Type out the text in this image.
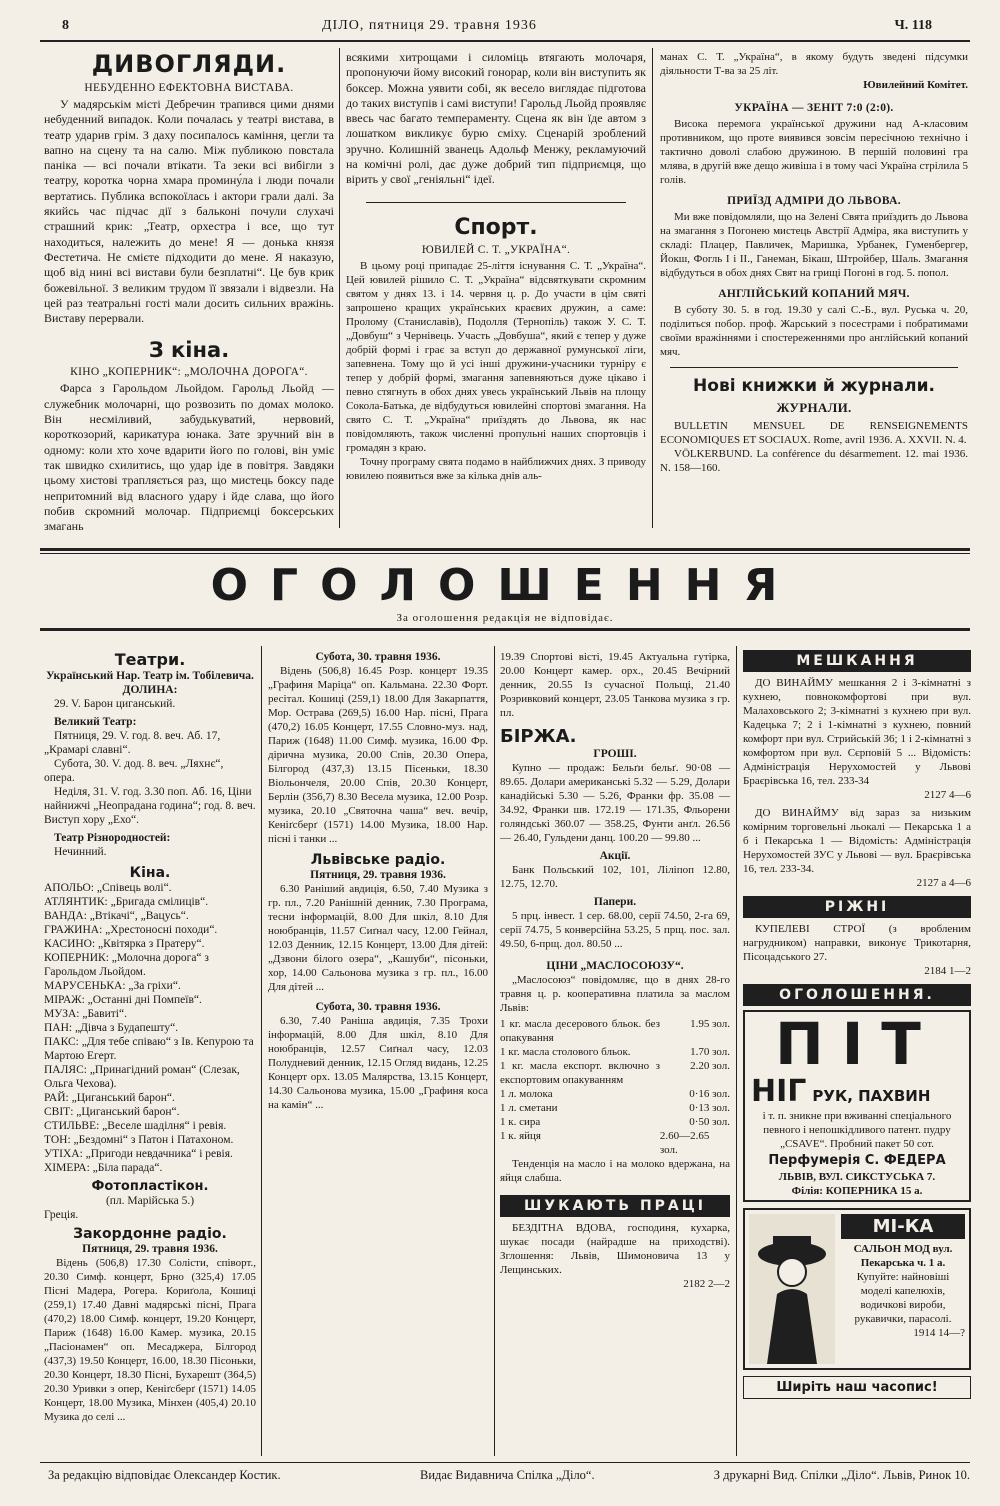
8	ДІЛО, пятниця 29. травня 1936	Ч. 118

ДИВОГЛЯДИ.

НЕБУДЕННО ЕФЕКТОВНА ВИСТАВА.

У мадярськім місті Дебречин трапився цими днями небуденний випадок. Коли почалась у театрі вистава, в театр ударив грім. З даху посипалось каміння, цегли та вапно на сцену та на салю. Між публикою повстала паніка — всі почали втікати. Та зеки всі вибігли з театру, коротка чорна хмара промину́ла і люди почали вертатись. Публика вспокоїлась і актори грали далі. За якийсь час підчас дії з бальконі почули слухачі страшний крик: „Театр, орхестра і все, що тут находиться, належить до мене! Я — донька князя Фестетича. Не смієте підходити до мене. Я наказую, щоб від нині всі вистави були безплатні“. Це був крик божевільної. З великим трудом її звязали і відвезли. На цей раз театральні гості мали досить сильних вражінь. Виставу перервали.

З кіна.

КІНО „КОПЕРНИК“: „МОЛОЧНА ДОРОГА“.

Фарса з Гарольдом Льойдом. Гарольд Льойд — служебник молочарні, що розвозить по домах молоко. Він несміливий, забудькуватий, нервовий, короткозорий, карикатура юнака. Зате зручний він в одному: коли хто хоче вдарити його по голові, він уміє так швидко схилитись, що удар іде в повітря. Завдяки цьому хистові трапляється раз, що мистець боксу паде непритомний від власного удару і йде слава, що його побив скромний молочар. Підприємці боксерських змагань

всякими хитрощами і силоміць втягають молочаря, пропонуючи йому високий гонорар, коли він виступить як боксер. Можна уявити собі, як весело виглядає підготова до таких виступів і самі виступи! Гарольд Льойд проявляє ввесь час багато темпераменту. Сцена як він їде автом з лошатком викликує бурю сміху. Сценарій зроблений зручно. Колишній званець Адольф Менжу, рекламуючий на комічні ролі, дає дуже добрий тип підприємця, що вірить у свої „геніяльні“ ідеї.

Спорт.

ЮВИЛЕЙ С. Т. „УКРАЇНА“.

В цьому році припадає 25-ліття існування С. Т. „Україна“. Цей ювилей рішило С. Т. „Україна“ відсвяткувати скромним святом у днях 13. і 14. червня ц. р. До участи в цім святі запрошено кращих українських краєвих дружин, а саме: Пролому (Станиславів), Подолля (Тернопіль) також У. С. Т. „Довбуш“ з Чернівець. Участь „Довбуша“, який є тепер у дуже добрій формі і грає за вступ до державної румунської ліги, запевнена. Тому що й усі інші дружини-учасники турніру є тепер у добрій формі, змагання запевняються дуже цікаво і певно стягнуть в обох днях увесь український Львів на площу Сокола-Батька, де відбудуться ювилейні спортові змагання. На свято С. Т. „Україна“ приїздять до Львова, як нас повідомляють, також численні пропульні наших спортовців і громадян з краю.

Точну програму свята подамо в найближчих днях. З приводу ювилею появиться вже за кілька днів аль-

манах С. Т. „Україна“, в якому будуть зведені підсумки діяльности Т-ва за 25 літ.

Ювилейний Комітет.

УКРАЇНА — ЗЕНІТ 7:0 (2:0).

Висока перемога української дружини над А-класовим противником, що проте виявився зовсім пересічною технічно і тактично доволі слабою дружиною. В першій половині гра млява, в другій вже дещо живіша і в тому часі Україна стрілила 5 голів.

ПРИЇЗД АДМІРИ ДО ЛЬВОВА.

Ми вже повідомляли, що на Зелені Свята приїздить до Львова на змагання з Погонею мистець Австрії Адміра, яка виступить у складі: Плацер, Павличек, Маришка, Урбанек, Гуменбергер, Йокш, Фогль І і ІІ., Ганеман, Бікаш, Штройбер, Шаль. Змагання відбудуться в обох днях Свят на грищі Погоні в год. 5. попол.

АНГЛІЙСЬКИЙ КОПАНИЙ МЯЧ.

В суботу 30. 5. в год. 19.30 у салі С.-Б., вул. Руська ч. 20, поділиться побор. проф. Жарський з посестрами і побратимами своїми вражіннями і спостереженнями про англійський копаний мяч.

Нові книжки й журнали.

ЖУРНАЛИ.

BULLETIN MENSUEL DE RENSEIGNEMENTS ECONOMIQUES ET SOCIAUX. Rome, avril 1936. A. XXVII. N. 4.

VÖLKERBUND. La conférence du désarmement. 12. mai 1936. N. 158—160.

ОГОЛОШЕННЯ
За оголошення редакція не відповідає.

Театри.

Український Нар. Театр ім. Тобілевича. ДОЛИНА:

29. V. Барон циганський.

Великий Театр:

Пятниця, 29. V. год. 8. веч. Аб. 17, „Крамарі славні“.

Субота, 30. V. дод. 8. веч. „Ляхнє“, опера.

Неділя, 31. V. год. 3.30 поп. Аб. 16, Ціни найнижчі „Неопрадана година“; год. 8. веч. Виступ хору „Ехо“.

Театр Різнородностей:

Нечинний.

Кіна.

АПОЛЬО: „Співець волі“.

АТЛЯНТИК: „Бригада смілиців“.

ВАНДА: „Втікачі“, „Вацусь“.

ГРАЖИНА: „Хрестоносні походи“.

КАСИНО: „Квітярка з Пратеру“.

КОПЕРНИК: „Молочна дорога“ з Гарольдом Льойдом.

МАРУСЕНЬКА: „За гріхи“.

МІРАЖ: „Останні дні Помпеїв“.

МУЗА: „Бавиті“.

ПАН: „Дівча з Будапешту“.

ПАКС: „Для тебе співаю“ з Ів. Кепурою та Мартою Егерт.

ПАЛЯС: „Принагідний роман“ (Слезак, Ольга Чехова).

РАЙ: „Циганський барон“.

СВІТ: „Циганський барон“.

СТИЛЬВЕ: „Веселе шаділня“ і ревія.

ТОН: „Бездомні“ з Патон і Патахоном.

УТІХА: „Пригоди невдачника“ і ревія.

ХІМЕРА: „Біла парада“.

Фотопластікон.

(пл. Марійська 5.)

Греція.

Закордонне радіо.

Пятниця, 29. травня 1936.

Відень (506,8) 17.30 Солісти, співорт., 20.30 Симф. концерт, Брно (325,4) 17.05 Пісні Мадера, Рогера. Кориґола, Кошиці (259,1) 17.40 Давні мадярські пісні, Прага (470,2) 18.00 Симф. концерт, 19.20 Концерт, Париж (1648) 16.00 Камер. музика, 20.15 „Пасіонамен“ оп. Месаджера, Білгород (437,3) 19.50 Концерт, 16.00, 18.30 Пісоньки, 20.30 Концерт, 18.30 Пісні, Бухарешт (364,5) 20.30 Уривки з опер, Кеніґсберґ (1571) 14.05 Концерт, 18.00 Музика, Мінхен (405,4) 20.10 Музика до селі ...

Субота, 30. травня 1936.

Відень (506,8) 16.45 Розр. концерт 19.35 „Графиня Маріца“ оп. Кальмана. 22.30 Форт. ресітал. Кошиці (259,1) 18.00 Для Закарпаття, Мор. Острава (269,5) 16.00 Нар. пісні, Прага (470,2) 16.05 Концерт, 17.55 Словно-муз. над, Париж (1648) 11.00 Симф. музика, 16.00 Фр. дірична музика, 20.00 Спів, 20.30 Опера, Білгород (437,3) 13.15 Пісеньки, 18.30 Віольончеля, 20.00 Спів, 20.30 Концерт, Берлін (356,7) 8.30 Весела музика, 12.00 Розр. музика, 20.10 „Святочна чаша“ веч. вечір, Кеніґсберґ (1571) 14.00 Музика, 18.00 Нар. пісні і танки ...

Львівське радіо.

Пятниця, 29. травня 1936.

6.30 Раніший авдиція, 6.50, 7.40 Музика з гр. пл., 7.20 Ранішній денник, 7.30 Програма, тесни інформацій, 8.00 Для шкіл, 8.10 Для ноюбранців, 11.57 Сиґнал часу, 12.00 Гейнал, 12.03 Денник, 12.15 Концерт, 13.00 Для дітей: „Дзвони білого озера“, „Кашуби“, пісоньки, хор, 14.00 Сальонова музика з гр. пл., 16.00 Для дітей ...

Субота, 30. травня 1936.

6.30, 7.40 Раніша авдиція, 7.35 Трохи інформацій, 8.00 Для шкіл, 8.10 Для ноюбранців, 12.57 Сиґнал часу, 12.03 Полудневий денник, 12.15 Огляд видань, 12.25 Концерт орх. 13.05 Малярства, 13.15 Концерт, 14.30 Сальонова музика, 15.00 „Графиня коса на камін“ ...

19.39 Спортові вісті, 19.45 Актуальна гутірка, 20.00 Концерт камер. орх., 20.45 Вечірний денник, 20.55 Із сучасної Польщі, 21.40 Розривковий концерт, 23.05 Танкова музика з гр. пл.

БІРЖА.

ГРОШІ.

Купно — продаж: Бельґи бельґ. 90·08 — 89.65. Долари американські 5.32 — 5.29, Долари канадійські 5.30 — 5.26, Франки фр. 35.08 — 34.92, Франки шв. 172.19 — 171.35, Фльорени голяндські 360.07 — 358.25, Фунти анґл. 26.56 — 26.40, Гульдени данц. 100.20 — 99.80 ...

Акції.

Банк Польський 102, 101, Ліліпоп 12.80, 12.75, 12.70.

Папери.

5 прц. інвест. 1 сер. 68.00, серії 74.50, 2-га 69, серії 74.75, 5 конверсійна 53.25, 5 прщ. пос. зал. 49.50, 6-прщ. дол. 80.50 ...

ЦІНИ „МАСЛОСОЮЗУ“.

„Маслосоюз“ повідомляє, що в днях 28-го травня ц. р. кооперативна платила за маслом Львів:

1 кг. масла десерового бльок. без опакування
1.95 зол.
1 кг. масла столового бльок.	1.70 зол.
1 кг. масла експорт. включно з експортовим опакуванням
2.20 зол.
1 л. молока	0·16 зол.
1 л. сметани	0·13 зол.
1 к. сира	0·50 зол.
1 к. яйця	2.60—2.65 зол.

Тенденція на масло і на молоко вдержана, на яйця слабша.

ШУКАЮТЬ ПРАЦІ

БЕЗДІТНА ВДОВА, господиня, кухарка, шукає посади (найрадше на приходстві). Зглошення: Львів, Шимоновича 13 у Лещинських.

2182 2—2

МЕШКАННЯ

ДО ВИНАЙМУ мешкання 2 і 3-кімнатні з кухнею, повнокомфортові при вул. Малаховського 2; 3-кімнатні з кухнею при вул. Кадецька 7; 2 і 1-кімнатні з кухнею, повний комфорт при вул. Стрийській 36; 1 і 2-кімнатні з комфортом при вул. Сєрповій 5 ... Відомість: Адміністрація Нерухомостей у Львові Браєрівська 16, тел. 233-34

2127 4—6

ДО ВИНАЙМУ від зараз за низьким комірним торговельні льокалі — Пекарська 1 а б і Пекарська 1 — Відомість: Адміністрація Нерухомостей ЗУС у Львові — вул. Браєрівська 16, тел. 233-34.

2127 а 4—6

РІЖНІ

КУПЕЛЕВІ СТРОЇ (з вробленим нагрудником) направки, виконує Трикотарня, Пісоцадського 27.

2184 1—2

ОГОЛОШЕННЯ.
ПІТ
НІГ РУК, ПАХВИН

і т. п. зникне при вживанні спеціального певного і непошкідливого патент. пудру „CSAVE“. Пробний пакет 50 сот.

Перфумерія С. ФЕДЕРА

ЛЬВІВ, ВУЛ. СИКСТУСЬКА 7.

Філія: КОПЕРНИКА 15 а.

МІ-КА

САЛЬОН МОД вул. Пекарська ч. 1 а.

Купуйте: найновіші моделі капелюхів, водичкові вироби, рукавички, парасолі.

1914 14—?

Ширіть наш часопис!
За редакцію відповідає Олександер Костик.	Видає Видавнича Спілка „Діло“.	З друкарні Вид. Спілки „Діло“. Львів, Ринок 10.
